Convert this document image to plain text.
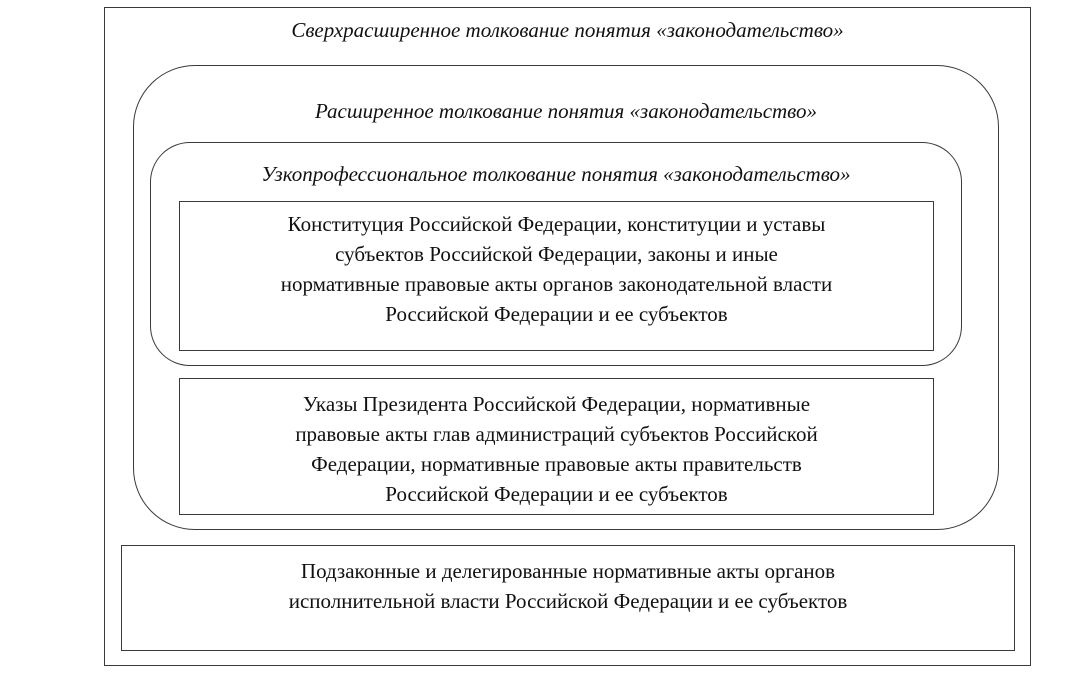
Сверхрасширенное толкование понятия «законодательство»
Расширенное толкование понятия «законодательство»
Узкопрофессиональное толкование понятия «законодательство»
Конституция Российской Федерации, конституции и уставы
субъектов Российской Федерации, законы и иные
нормативные правовые акты органов законодательной власти
Российской Федерации и ее субъектов
Указы Президента Российской Федерации, нормативные
правовые акты глав администраций субъектов Российской
Федерации, нормативные правовые акты правительств
Российской Федерации и ее субъектов
Подзаконные и делегированные нормативные акты органов
исполнительной власти Российской Федерации и ее субъектов
